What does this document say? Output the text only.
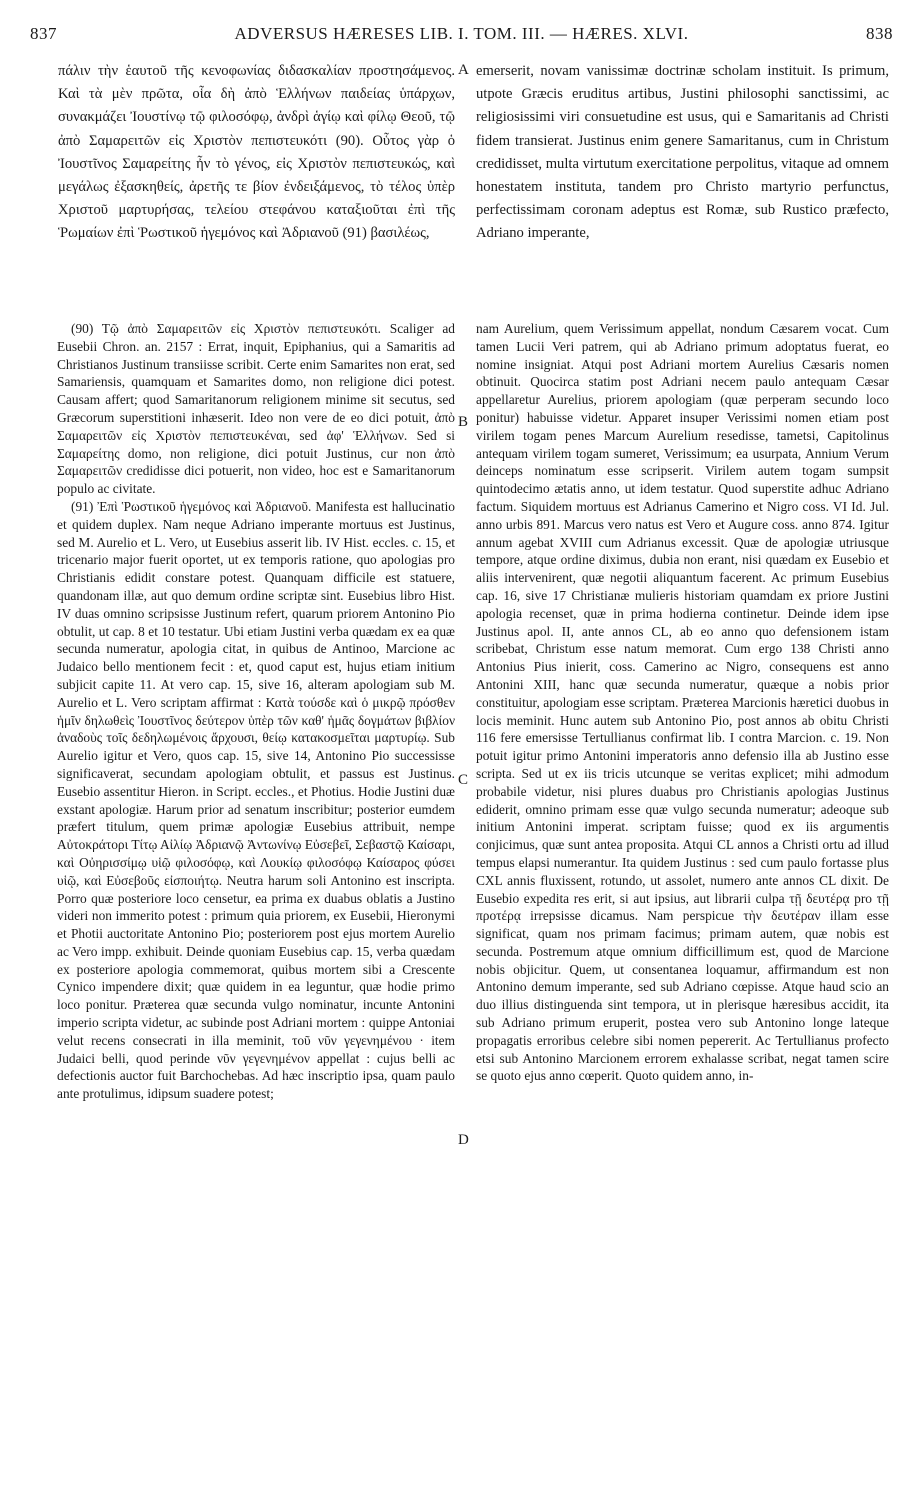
837	ADVERSUS HÆRESES LIB. I. TOM. III. — HÆRES. XLVI.	838
πάλιν τὴν ἑαυτοῦ τῆς κενοφωνίας διδασκαλίαν προστησάμενος. Καὶ τὰ μὲν πρῶτα, οἷα δὴ ἀπὸ Ἑλλήνων παιδείας ὑπάρχων, συνακμάζει Ἰουστίνῳ τῷ φιλοσόφῳ, ἀνδρὶ ἁγίῳ καὶ φίλῳ Θεοῦ, τῷ ἀπὸ Σαμαρειτῶν εἰς Χριστὸν πεπιστευκότι (90). Οὗτος γὰρ ὁ Ἰουστῖνος Σαμαρείτης ἦν τὸ γένος, εἰς Χριστὸν πεπιστευκώς, καὶ μεγάλως ἐξασκηθείς, ἀρετῆς τε βίον ἐνδειξάμενος, τὸ τέλος ὑπὲρ Χριστοῦ μαρτυρήσας, τελείου στεφάνου καταξιοῦται ἐπὶ τῆς Ῥωμαίων ἐπὶ Ῥωστικοῦ ἡγεμόνος καὶ Ἀδριανοῦ (91) βασιλέως,
emerserit, novam vanissimæ doctrinæ scholam instituit. Is primum, utpote Græcis eruditus artibus, Justini philosophi sanctissimi, ac religiosissimi viri consuetudine est usus, qui e Samaritanis ad Christi fidem transierat. Justinus enim genere Samaritanus, cum in Christum credidisset, multa virtutum exercitatione perpolitus, vitaque ad omnem honestatem instituta, tandem pro Christo martyrio perfunctus, perfectissimam coronam adeptus est Romæ, sub Rustico præfecto, Adriano imperante,
A
B
C
D

(90) Τῷ ἀπὸ Σαμαρειτῶν εἰς Χριστὸν πεπιστευκότι. Scaliger ad Eusebii Chron. an. 2157 : Errat, inquit, Epiphanius, qui a Samaritis ad Christianos Justinum transiisse scribit. Certe enim Samarites non erat, sed Samariensis, quamquam et Samarites domo, non religione dici potest. Causam affert; quod Samaritanorum religionem minime sit secutus, sed Græcorum superstitioni inhæserit. Ideo non vere de eo dici potuit, ἀπὸ Σαμαρειτῶν εἰς Χριστὸν πεπιστευκέναι, sed ἀφ' Ἑλλήνων. Sed si Σαμαρείτης domo, non religione, dici potuit Justinus, cur non ἀπὸ Σαμαρειτῶν credidisse dici potuerit, non video, hoc est e Samaritanorum populo ac civitate.

(91) Ἐπὶ Ῥωστικοῦ ἡγεμόνος καὶ Ἀδριανοῦ. Manifesta est hallucinatio et quidem duplex. Nam neque Adriano imperante mortuus est Justinus, sed M. Aurelio et L. Vero, ut Eusebius asserit lib. IV Hist. eccles. c. 15, et tricenario major fuerit oportet, ut ex temporis ratione, quo apologias pro Christianis edidit constare potest. Quanquam difficile est statuere, quandonam illæ, aut quo demum ordine scriptæ sint. Eusebius libro Hist. IV duas omnino scripsisse Justinum refert, quarum priorem Antonino Pio obtulit, ut cap. 8 et 10 testatur. Ubi etiam Justini verba quædam ex ea quæ secunda numeratur, apologia citat, in quibus de Antinoo, Marcione ac Judaico bello mentionem fecit : et, quod caput est, hujus etiam initium subjicit capite 11. At vero cap. 15, sive 16, alteram apologiam sub M. Aurelio et L. Vero scriptam affirmat : Κατὰ τούσδε καὶ ὁ μικρῷ πρόσθεν ἡμῖν δηλωθεὶς Ἰουστῖνος δεύτερον ὑπὲρ τῶν καθ' ἡμᾶς δογμάτων βιβλίον ἀναδοὺς τοῖς δεδηλωμένοις ἄρχουσι, θείῳ κατακοσμεῖται μαρτυρίῳ. Sub Aurelio igitur et Vero, quos cap. 15, sive 14, Antonino Pio successisse significaverat, secundam apologiam obtulit, et passus est Justinus. Eusebio assentitur Hieron. in Script. eccles., et Photius. Hodie Justini duæ exstant apologiæ. Harum prior ad senatum inscribitur; posterior eumdem præfert titulum, quem primæ apologiæ Eusebius attribuit, nempe Αὐτοκράτορι Τίτῳ Αἰλίῳ Ἀδριανῷ Ἀντωνίνῳ Εὐσεβεῖ, Σεβαστῷ Καίσαρι, καὶ Οὐηρισσίμῳ υἱῷ φιλοσόφῳ, καὶ Λουκίῳ φιλοσόφῳ Καίσαρος φύσει υἱῷ, καὶ Εὐσεβοῦς εἰσποιήτῳ. Neutra harum soli Antonino est inscripta. Porro quæ posteriore loco censetur, ea prima ex duabus oblatis a Justino videri non immerito potest : primum quia priorem, ex Eusebii, Hieronymi et Photii auctoritate Antonino Pio; posteriorem post ejus mortem Aurelio ac Vero impp. exhibuit. Deinde quoniam Eusebius cap. 15, verba quædam ex posteriore apologia commemorat, quibus mortem sibi a Crescente Cynico impendere dixit; quæ quidem in ea leguntur, quæ hodie primo loco ponitur. Præterea quæ secunda vulgo nominatur, incunte Antonini imperio scripta videtur, ac subinde post Adriani mortem : quippe Antoniai velut recens consecrati in illa meminit, τοῦ νῦν γεγενημένου · item Judaici belli, quod perinde νῦν γεγενημένον appellat : cujus belli ac defectionis auctor fuit Barchochebas. Ad hæc inscriptio ipsa, quam paulo ante protulimus, idipsum suadere potest;

nam Aurelium, quem Verissimum appellat, nondum Cæsarem vocat. Cum tamen Lucii Veri patrem, qui ab Adriano primum adoptatus fuerat, eo nomine insigniat. Atqui post Adriani mortem Aurelius Cæsaris nomen obtinuit. Quocirca statim post Adriani necem paulo antequam Cæsar appellaretur Aurelius, priorem apologiam (quæ perperam secundo loco ponitur) habuisse videtur. Apparet insuper Verissimi nomen etiam post virilem togam penes Marcum Aurelium resedisse, tametsi, Capitolinus antequam virilem togam sumeret, Verissimum; ea usurpata, Annium Verum deinceps nominatum esse scripserit. Virilem autem togam sumpsit quintodecimo ætatis anno, ut idem testatur. Quod superstite adhuc Adriano factum. Siquidem mortuus est Adrianus Camerino et Nigro coss. VI Id. Jul. anno urbis 891. Marcus vero natus est Vero et Augure coss. anno 874. Igitur annum agebat XVIII cum Adrianus excessit. Quæ de apologiæ utriusque tempore, atque ordine diximus, dubia non erant, nisi quædam ex Eusebio et aliis intervenirent, quæ negotii aliquantum facerent. Ac primum Eusebius cap. 16, sive 17 Christianæ mulieris historiam quamdam ex priore Justini apologia recenset, quæ in prima hodierna continetur. Deinde idem ipse Justinus apol. II, ante annos CL, ab eo anno quo defensionem istam scribebat, Christum esse natum memorat. Cum ergo 138 Christi anno Antonius Pius inierit, coss. Camerino ac Nigro, consequens est anno Antonini XIII, hanc quæ secunda numeratur, quæque a nobis prior constituitur, apologiam esse scriptam. Præterea Marcionis hæretici duobus in locis meminit. Hunc autem sub Antonino Pio, post annos ab obitu Christi 116 fere emersisse Tertullianus confirmat lib. I contra Marcion. c. 19. Non potuit igitur primo Antonini imperatoris anno defensio illa ab Justino esse scripta. Sed ut ex iis tricis utcunque se veritas explicet; mihi admodum probabile videtur, nisi plures duabus pro Christianis apologias Justinus ediderit, omnino primam esse quæ vulgo secunda numeratur; adeoque sub initium Antonini imperat. scriptam fuisse; quod ex iis argumentis conjicimus, quæ sunt antea proposita. Atqui CL annos a Christi ortu ad illud tempus elapsi numerantur. Ita quidem Justinus : sed cum paulo fortasse plus CXL annis fluxissent, rotundo, ut assolet, numero ante annos CL dixit. De Eusebio expedita res erit, si aut ipsius, aut librarii culpa τῇ δευτέρᾳ pro τῇ προτέρᾳ irrepsisse dicamus. Nam perspicue τὴν δευτέραν illam esse significat, quam nos primam facimus; primam autem, quæ nobis est secunda. Postremum atque omnium difficillimum est, quod de Marcione nobis objicitur. Quem, ut consentanea loquamur, affirmandum est non Antonino demum imperante, sed sub Adriano cœpisse. Atque haud scio an duo illius distinguenda sint tempora, ut in plerisque hæresibus accidit, ita sub Adriano primum eruperit, postea vero sub Antonino longe lateque propagatis erroribus celebre sibi nomen pepererit. Ac Tertullianus profecto etsi sub Antonino Marcionem errorem exhalasse scribat, negat tamen scire se quoto ejus anno cœperit. Quoto quidem anno, in-
